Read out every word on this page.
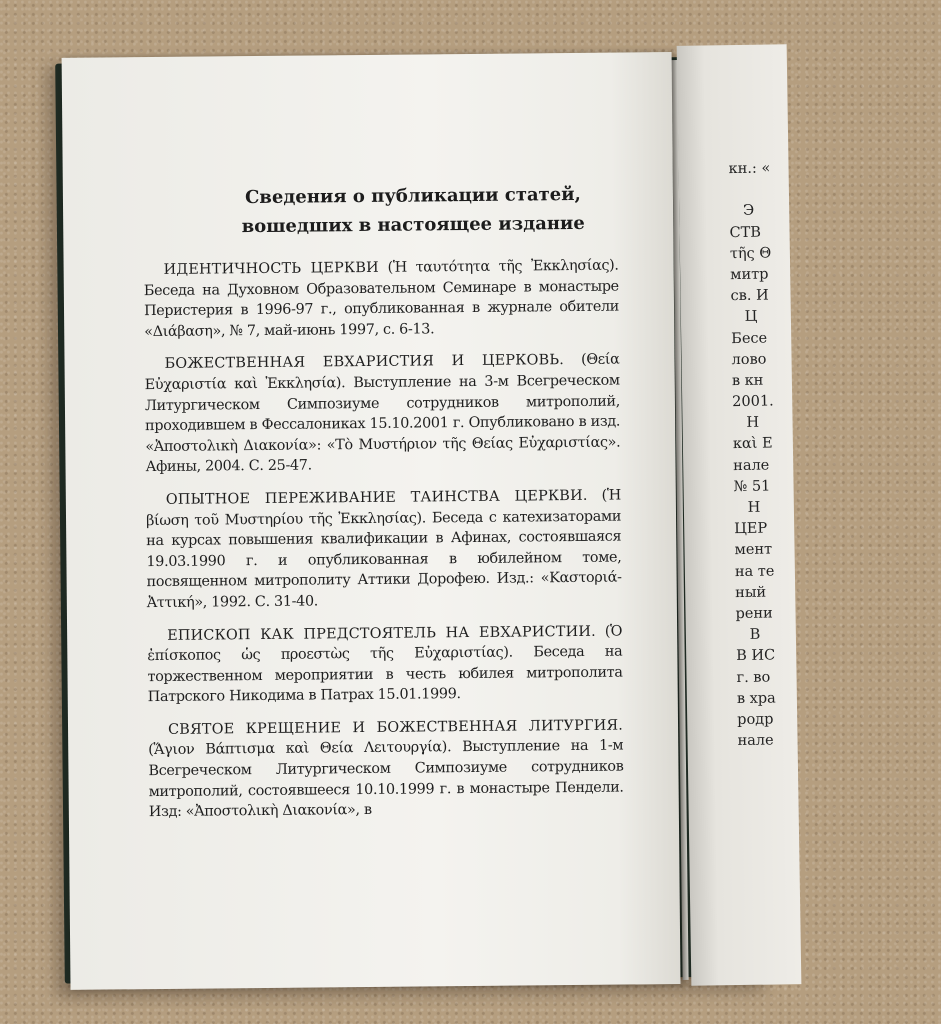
кн.: «
Э
СТВ
τῆς Θ
митр
св. И
Ц
Бесе
лово
в кн
2001.
Н
καὶ Ε
нале
№ 51
Н
ЦЕР
мент
на те
ный
рени
В
В ИС
г. во
в хра
родр
нале

Сведения о публикации статей,
вошедших в настоящее издание

ИДЕНТИЧНОСТЬ ЦЕРКВИ (Ἡ ταυτότητα τῆς Ἐκκλησίας). Беседа на Духовном Образовательном Семинаре в монастыре Перистерия в 1996-97 г., опубликованная в журнале обители «Διάβαση», № 7, май-июнь 1997, с. 6-13.

БОЖЕСТВЕННАЯ ЕВХАРИСТИЯ И ЦЕРКОВЬ. (Θεία Εὐχαριστία καὶ Ἐκκλησία). Выступление на 3-м Всегреческом Литургическом Симпозиуме сотрудников митрополий, проходившем в Фессалониках 15.10.2001 г. Опубликовано в изд. «Ἀποστολικὴ Διακονία»: «Τὸ Μυστήριον τῆς Θείας Εὐχαριστίας». Афины, 2004. С. 25-47.

ОПЫТНОЕ ПЕРЕЖИВАНИЕ ТАИНСТВА ЦЕРКВИ. (Ἡ βίωση τοῦ Μυστηρίου τῆς Ἐκκλησίας). Беседа с катехизаторами на курсах повышения квалификации в Афинах, состоявшаяся 19.03.1990 г. и опубликованная в юбилейном томе, посвященном митрополиту Аттики Дорофею. Изд.: «Καστοριά-Ἀττική», 1992. С. 31-40.

ЕПИСКОП КАК ПРЕДСТОЯТЕЛЬ НА ЕВХАРИСТИИ. (Ὁ ἐπίσκοπος ὡς προεστὼς τῆς Εὐχαριστίας). Беседа на торжественном мероприятии в честь юбилея митрополита Патрского Никодима в Патрах 15.01.1999.

СВЯТОЕ КРЕЩЕНИЕ И БОЖЕСТВЕННАЯ ЛИТУРГИЯ. (Ἅγιον Βάπτισμα καὶ Θεία Λειτουργία). Выступление на 1-м Всегреческом Литургическом Симпозиуме сотрудников митрополий, состоявшееся 10.10.1999 г. в монастыре Пендели. Изд: «Ἀποστολικὴ Διακονία», в
